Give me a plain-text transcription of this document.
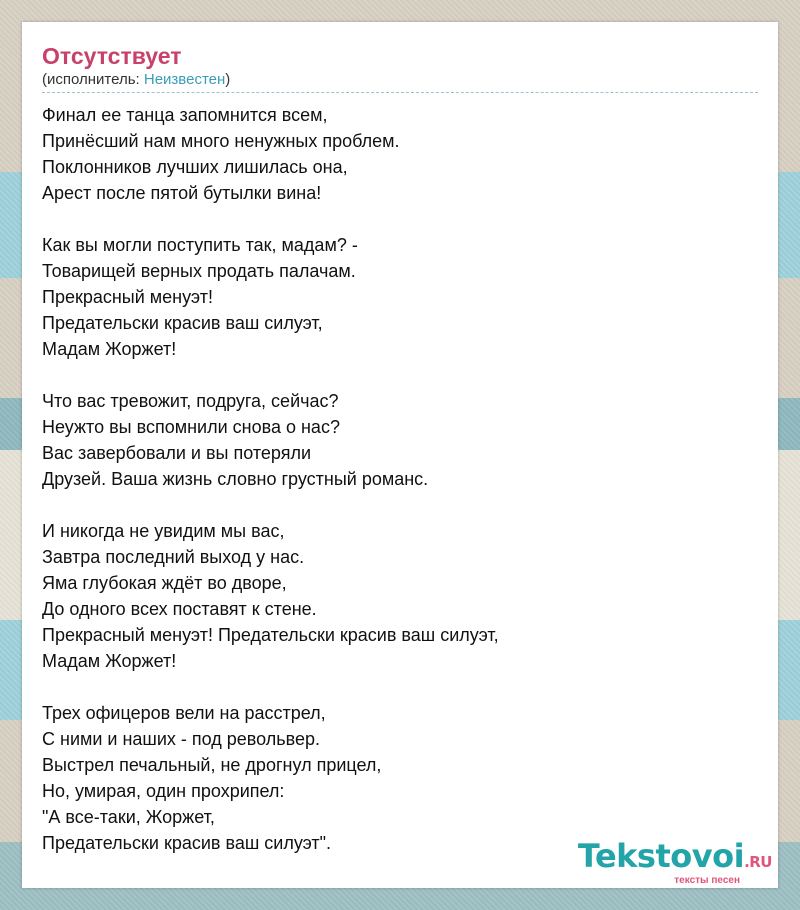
Отсутствует
(исполнитель: Неизвестен)
Финал ее танца запомнится всем,
Принёсший нам много ненужных проблем.
Поклонников лучших лишилась она,
Арест после пятой бутылки вина!
Как вы могли поступить так, мадам? -
Товарищей верных продать палачам.
Прекрасный менуэт!
Предательски красив ваш силуэт,
Мадам Жоржет!
Что вас тревожит, подруга, сейчас?
Неужто вы вспомнили снова о нас?
Вас завербовали и вы потеряли
Друзей. Ваша жизнь словно грустный романс.
И никогда не увидим мы вас,
Завтра последний выход у нас.
Яма глубокая ждёт во дворе,
До одного всех поставят к стене.
Прекрасный менуэт! Предательски красив ваш силуэт,
Мадам Жоржет!
Трех офицеров вели на расстрел,
С ними и наших - под револьвер.
Выстрел печальный, не дрогнул прицел,
Но, умирая, один прохрипел:
"А все-таки, Жоржет,
Предательски красив ваш силуэт".	Tekstovoi.RU
тексты песен
